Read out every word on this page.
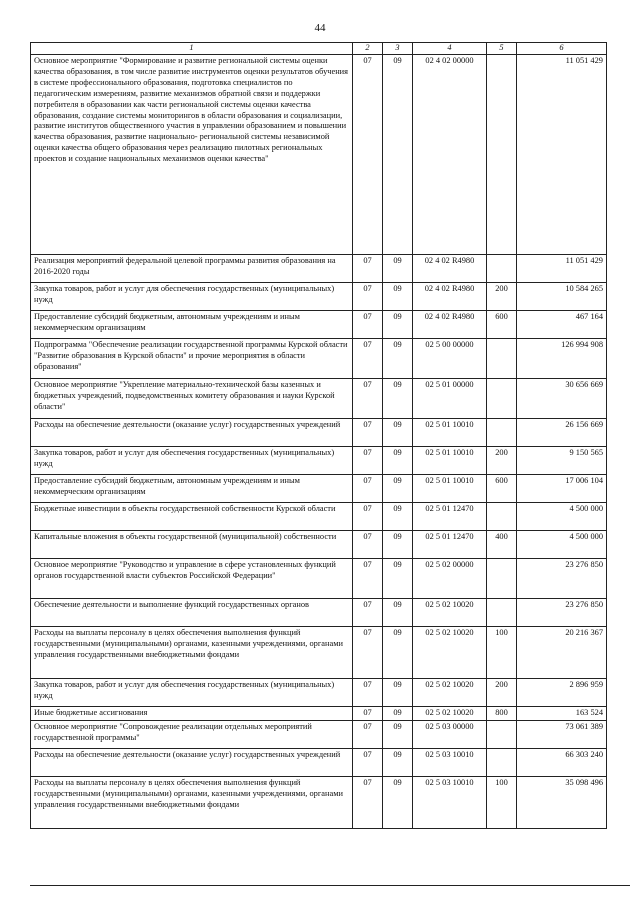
44
1	2	3	4	5	6
Основное мероприятие "Формирование и развитие региональной системы оценки качества образования, в том числе развитие инструментов оценки результатов обучения в системе профессионального образования, подготовка специалистов по педагогическим измерениям, развитие механизмов обратной связи и поддержки потребителя в образовании как части региональной системы оценки качества образования, создание системы мониторингов в области образования и социализации, развитие институтов общественного участия в управлении образованием и повышении качества образования, развитие национально- региональной системы независимой оценки качества общего образования через реализацию пилотных региональных проектов и создание национальных механизмов оценки качества"	07	09	02 4 02 00000		11 051 429
Реализация мероприятий федеральной целевой программы развития образования на 2016-2020 годы	07	09	02 4 02 R4980		11 051 429
Закупка товаров, работ и услуг для обеспечения государственных (муниципальных) нужд	07	09	02 4 02 R4980	200	10 584 265
Предоставление субсидий бюджетным, автономным учреждениям и иным некоммерческим организациям	07	09	02 4 02 R4980	600	467 164
Подпрограмма "Обеспечение реализации государственной программы Курской области "Развитие образования в Курской области" и прочие мероприятия в области образования"	07	09	02 5 00 00000		126 994 908
Основное мероприятие "Укрепление материально-технической базы казенных и бюджетных учреждений, подведомственных комитету образования и науки Курской области"	07	09	02 5 01 00000		30 656 669
Расходы на обеспечение деятельности (оказание услуг) государственных учреждений	07	09	02 5 01 10010		26 156 669
Закупка товаров, работ и услуг для обеспечения государственных (муниципальных) нужд	07	09	02 5 01 10010	200	9 150 565
Предоставление субсидий бюджетным, автономным учреждениям и иным некоммерческим организациям	07	09	02 5 01 10010	600	17 006 104
Бюджетные инвестиции в объекты государственной собственности Курской области	07	09	02 5 01 12470		4 500 000
Капитальные вложения в объекты государственной (муниципальной) собственности	07	09	02 5 01 12470	400	4 500 000
Основное мероприятие "Руководство и управление в сфере установленных функций органов государственной власти субъектов Российской Федерации"	07	09	02 5 02 00000		23 276 850
Обеспечение деятельности и выполнение функций государственных органов	07	09	02 5 02 10020		23 276 850
Расходы на выплаты персоналу в целях обеспечения выполнения функций государственными (муниципальными) органами, казенными учреждениями, органами управления государственными внебюджетными фондами	07	09	02 5 02 10020	100	20 216 367
Закупка товаров, работ и услуг для обеспечения государственных (муниципальных) нужд	07	09	02 5 02 10020	200	2 896 959
Иные бюджетные ассигнования	07	09	02 5 02 10020	800	163 524
Основное мероприятие "Сопровождение реализации отдельных мероприятий государственной программы"	07	09	02 5 03 00000		73 061 389
Расходы на обеспечение деятельности (оказание услуг) государственных учреждений	07	09	02 5 03 10010		66 303 240
Расходы на выплаты персоналу в целях обеспечения выполнения функций государственными (муниципальными) органами, казенными учреждениями, органами управления государственными внебюджетными фондами	07	09	02 5 03 10010	100	35 098 496
